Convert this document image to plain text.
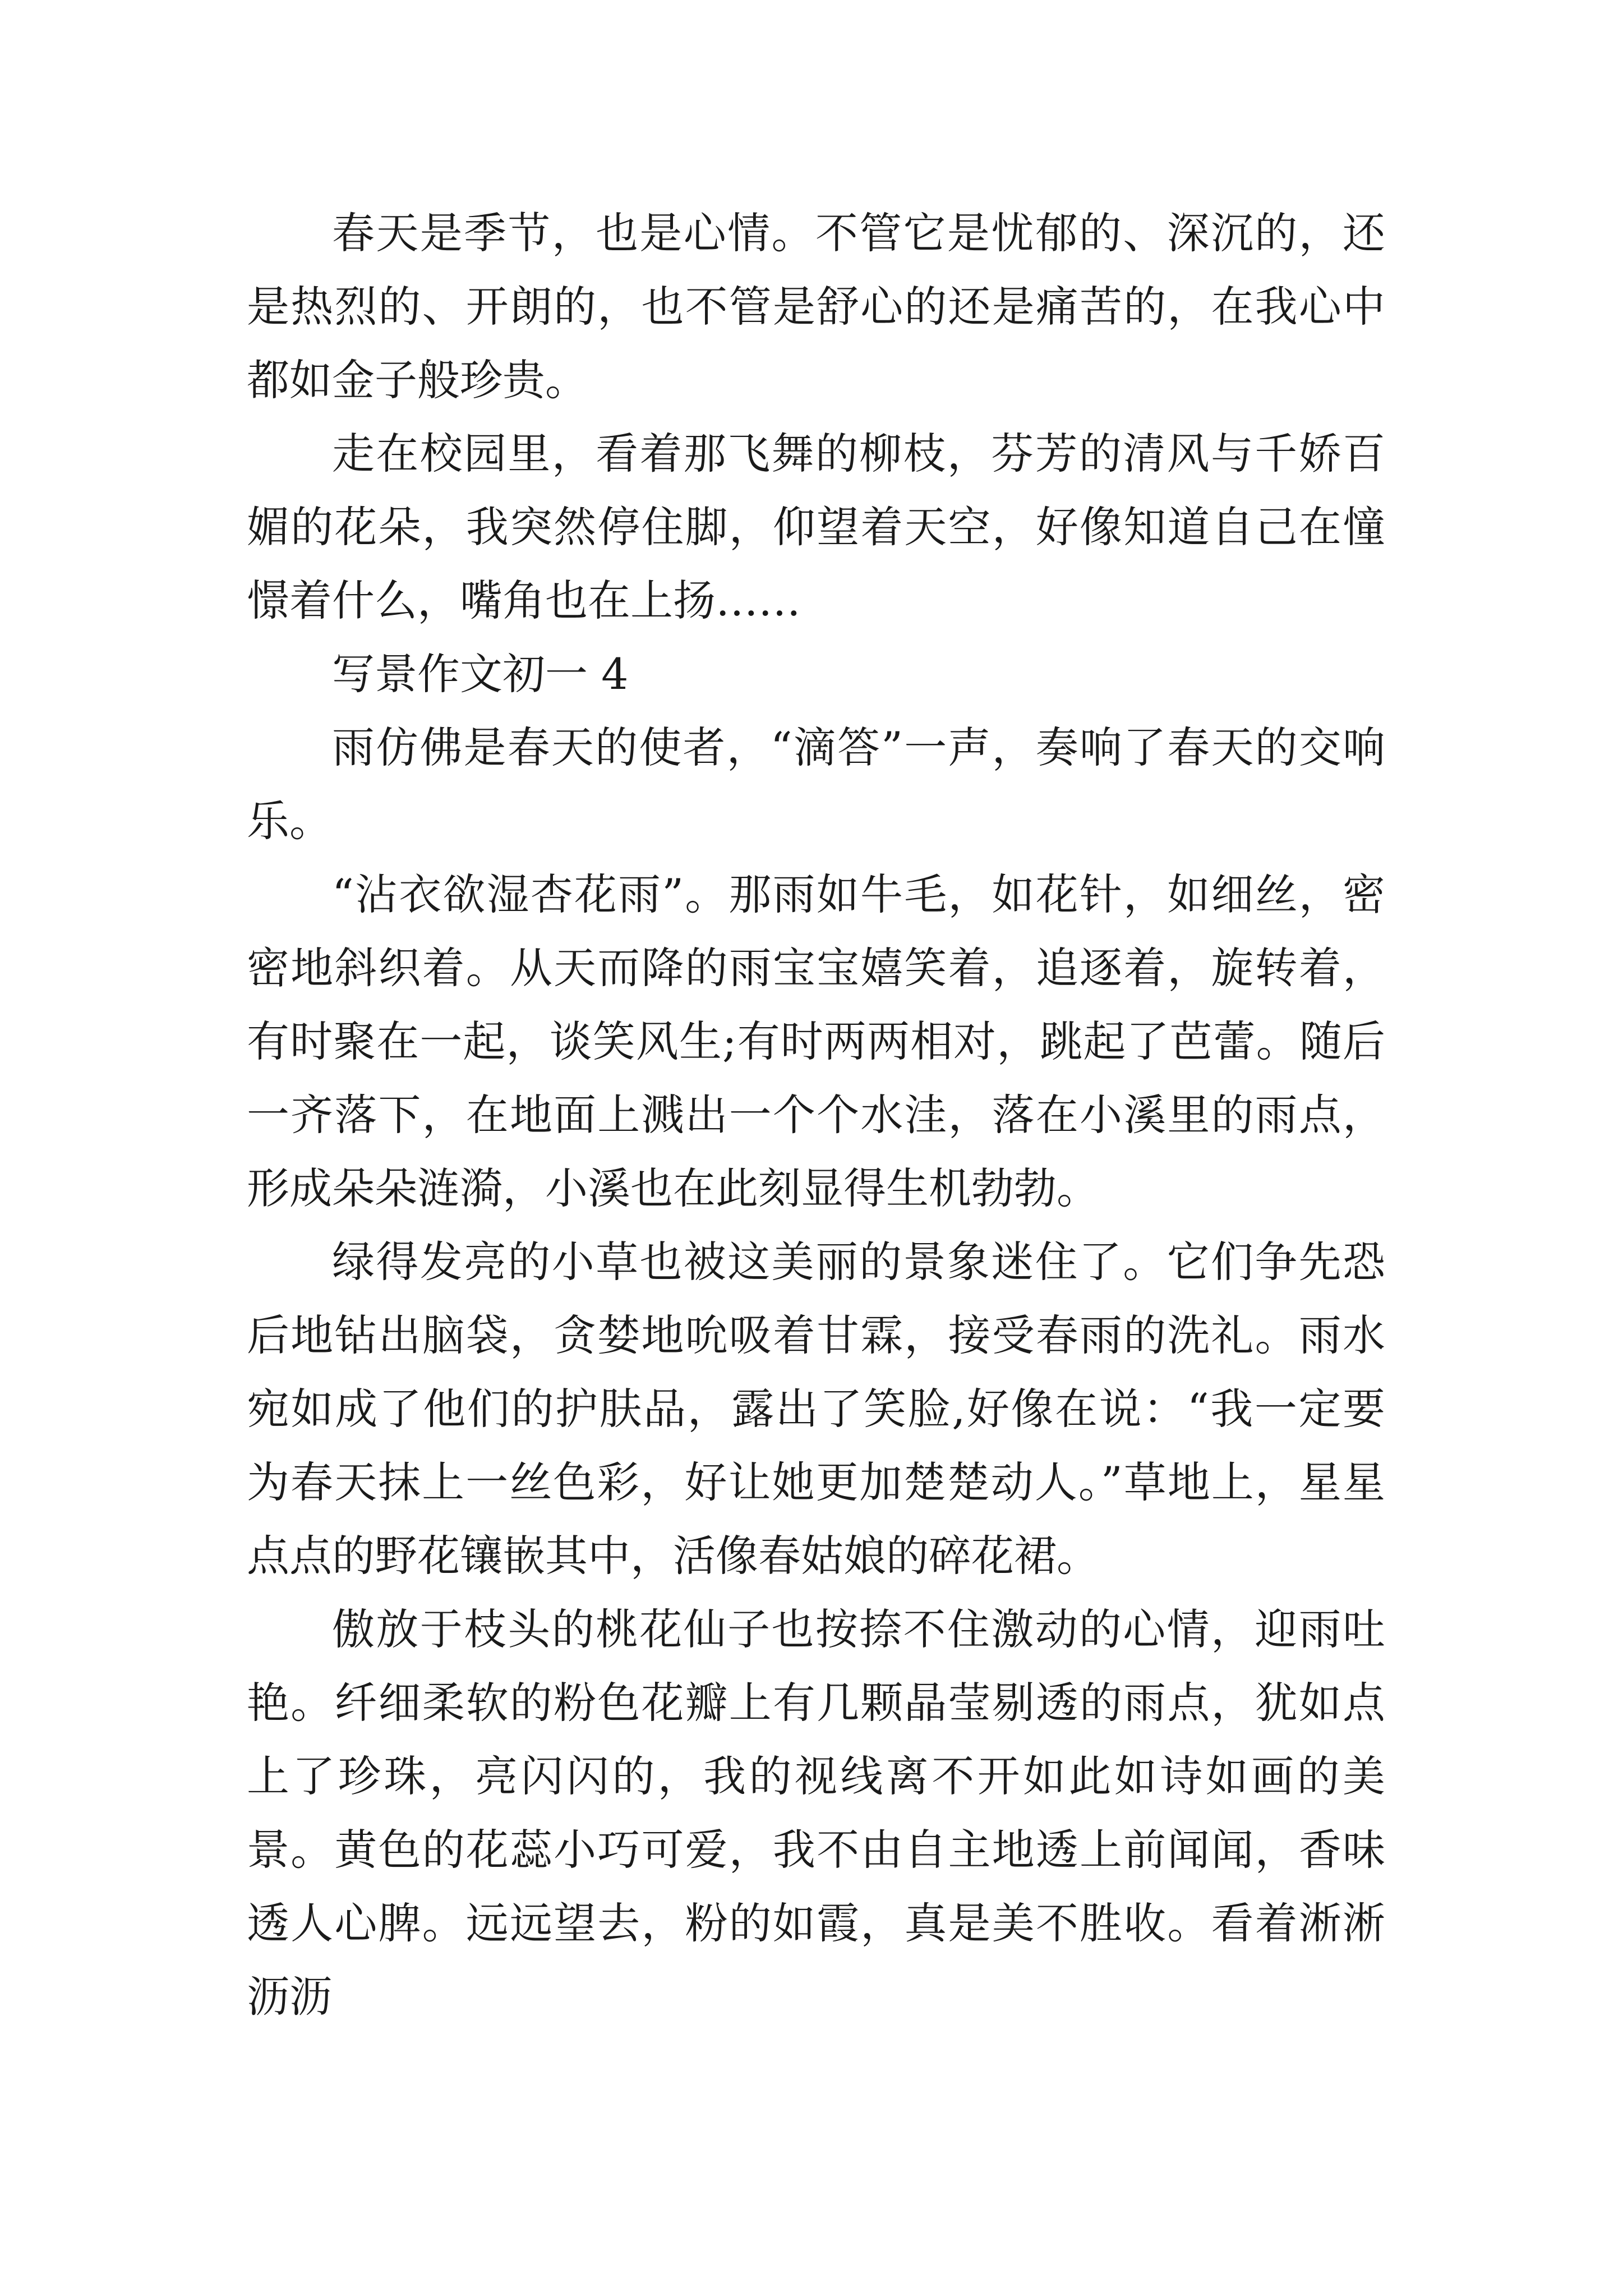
春天是季节，也是心情。不管它是忧郁的、深沉的，还是热烈的、开朗的，也不管是舒心的还是痛苦的，在我心中都如金子般珍贵。

走在校园里，看着那飞舞的柳枝，芬芳的清风与千娇百媚的花朵，我突然停住脚，仰望着天空，好像知道自己在憧憬着什么，嘴角也在上扬……

写景作文初一 4

雨仿佛是春天的使者，“滴答”一声，奏响了春天的交响乐。

“沾衣欲湿杏花雨”。那雨如牛毛，如花针，如细丝，密密地斜织着。从天而降的雨宝宝嬉笑着，追逐着，旋转着，有时聚在一起，谈笑风生;有时两两相对，跳起了芭蕾。随后一齐落下，在地面上溅出一个个水洼，落在小溪里的雨点，形成朵朵涟漪，小溪也在此刻显得生机勃勃。

绿得发亮的小草也被这美丽的景象迷住了。它们争先恐后地钻出脑袋，贪婪地吮吸着甘霖，接受春雨的洗礼。雨水宛如成了他们的护肤品，露出了笑脸,好像在说：“我一定要为春天抹上一丝色彩，好让她更加楚楚动人。”草地上，星星点点的野花镶嵌其中，活像春姑娘的碎花裙。

傲放于枝头的桃花仙子也按捺不住激动的心情，迎雨吐艳。纤细柔软的粉色花瓣上有几颗晶莹剔透的雨点，犹如点上了珍珠，亮闪闪的，我的视线离不开如此如诗如画的美景。黄色的花蕊小巧可爱，我不由自主地透上前闻闻，香味透人心脾。远远望去，粉的如霞，真是美不胜收。看着淅淅沥沥
